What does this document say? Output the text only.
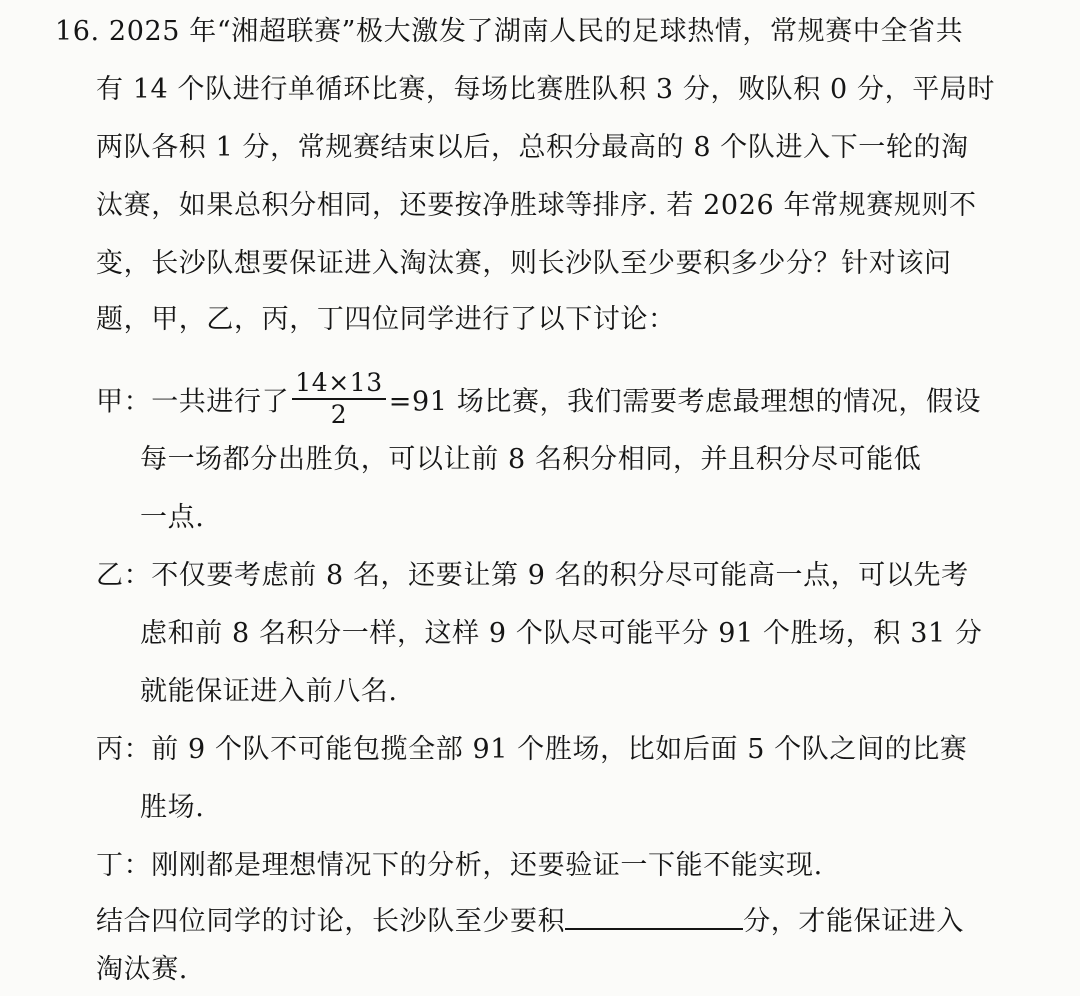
16. 2025 年“湘超联赛”极大激发了湖南人民的足球热情，常规赛中全省共
有 14 个队进行单循环比赛，每场比赛胜队积 3 分，败队积 0 分，平局时
两队各积 1 分，常规赛结束以后，总积分最高的 8 个队进入下一轮的淘
汰赛，如果总积分相同，还要按净胜球等排序. 若 2026 年常规赛规则不
变，长沙队想要保证进入淘汰赛，则长沙队至少要积多少分？针对该问
题，甲，乙，丙，丁四位同学进行了以下讨论：
甲：一共进行了 $\frac{14\times 13}{2} =91$ 场比赛，我们需要考虑最理想的情况，假设
每一场都分出胜负，可以让前 8 名积分相同，并且积分尽可能低
一点.
乙：不仅要考虑前 8 名，还要让第 9 名的积分尽可能高一点，可以先考
虑和前 8 名积分一样，这样 9 个队尽可能平分 91 个胜场，积 31 分
就能保证进入前八名.
丙：前 9 个队不可能包揽全部 91 个胜场，比如后面 5 个队之间的比赛
胜场.
丁：刚刚都是理想情况下的分析，还要验证一下能不能实现.
结合四位同学的讨论，长沙队至少要积	分，才能保证进入
淘汰赛.
